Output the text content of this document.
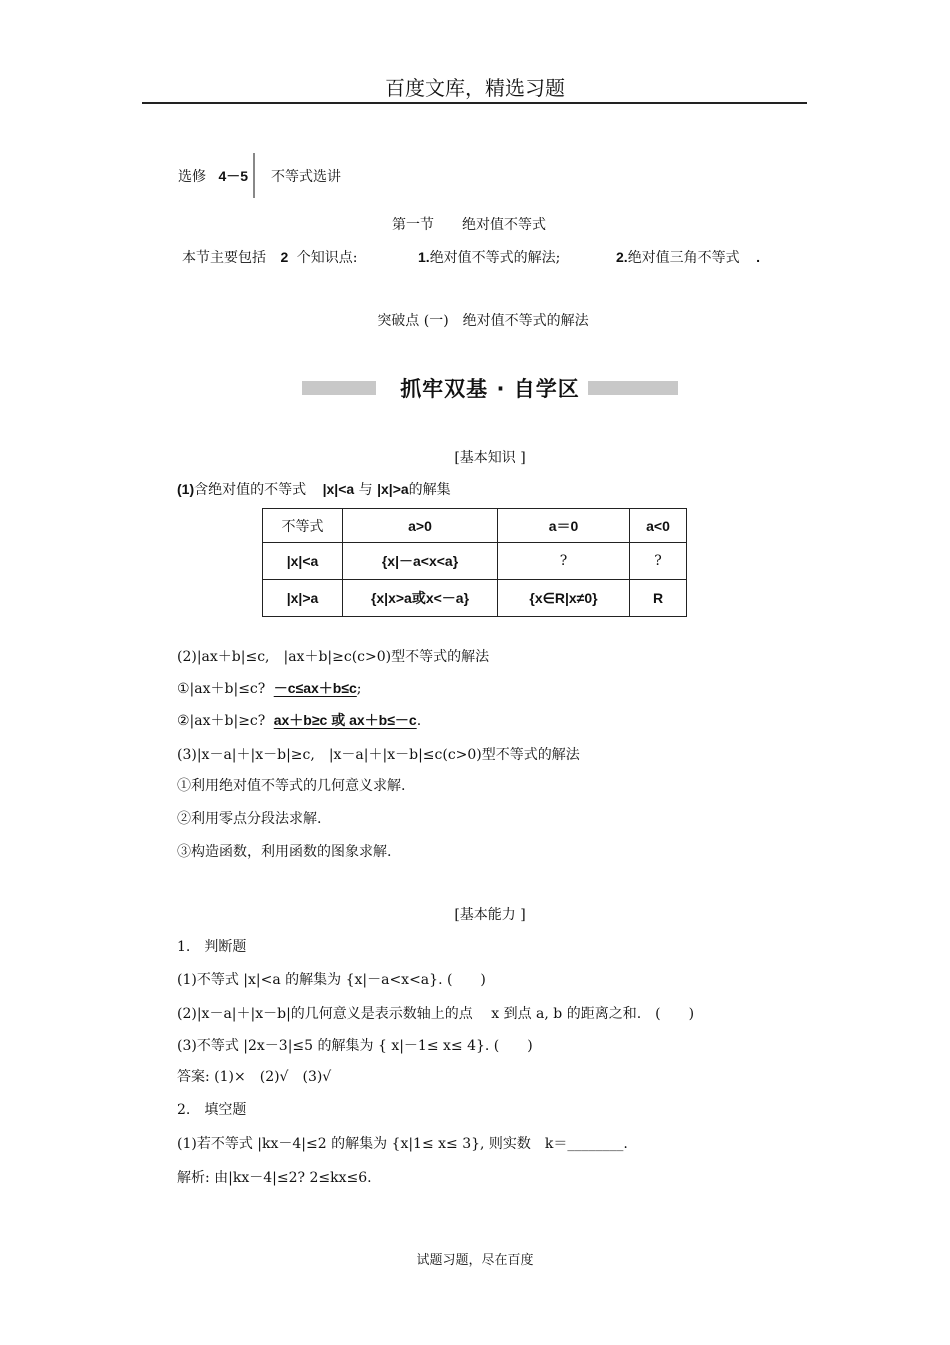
百度文库，精选习题
选修 4－5 不等式选讲
第一节　　绝对值不等式
本节主要包括 2 个知识点:	1.绝对值不等式的解法;	2.绝对值三角不等式 .
突破点 (一)　绝对值不等式的解法
抓牢双基 · 自学区
[基本知识 ]
(1)含绝对值的不等式 |x|<a 与 |x|>a的解集
不等式	a>0	a＝0	a<0
|x|<a	{x|－a<x<a}	?	?
|x|>a	{x|x>a或x<－a}	{x∈R|x≠0}	R
(2)|ax＋b|≤c,　|ax＋b|≥c(c>0)型不等式的解法
①|ax＋b|≤c? －c≤ax＋b≤c;
②|ax＋b|≥c? ax＋b≥c 或 ax＋b≤－c.
(3)|x－a|＋|x－b|≥c,　|x－a|＋|x－b|≤c(c>0)型不等式的解法
①利用绝对值不等式的几何意义求解.
②利用零点分段法求解.
③构造函数，利用函数的图象求解.
[基本能力 ]
1.　判断题
(1)不等式 |x|<a 的解集为 {x|－a<x<a}. (　　)
(2)|x－a|＋|x－b|的几何意义是表示数轴上的点　 x 到点 a, b 的距离之和.　(　　)
(3)不等式 |2x－3|≤5 的解集为 { x|－1≤ x≤ 4}. (　　)
答案: (1)×　(2)√　(3)√
2.　填空题
(1)若不等式 |kx－4|≤2 的解集为 {x|1≤ x≤ 3}, 则实数　k＝________.
解析: 由|kx－4|≤2? 2≤kx≤6.
试题习题，尽在百度
